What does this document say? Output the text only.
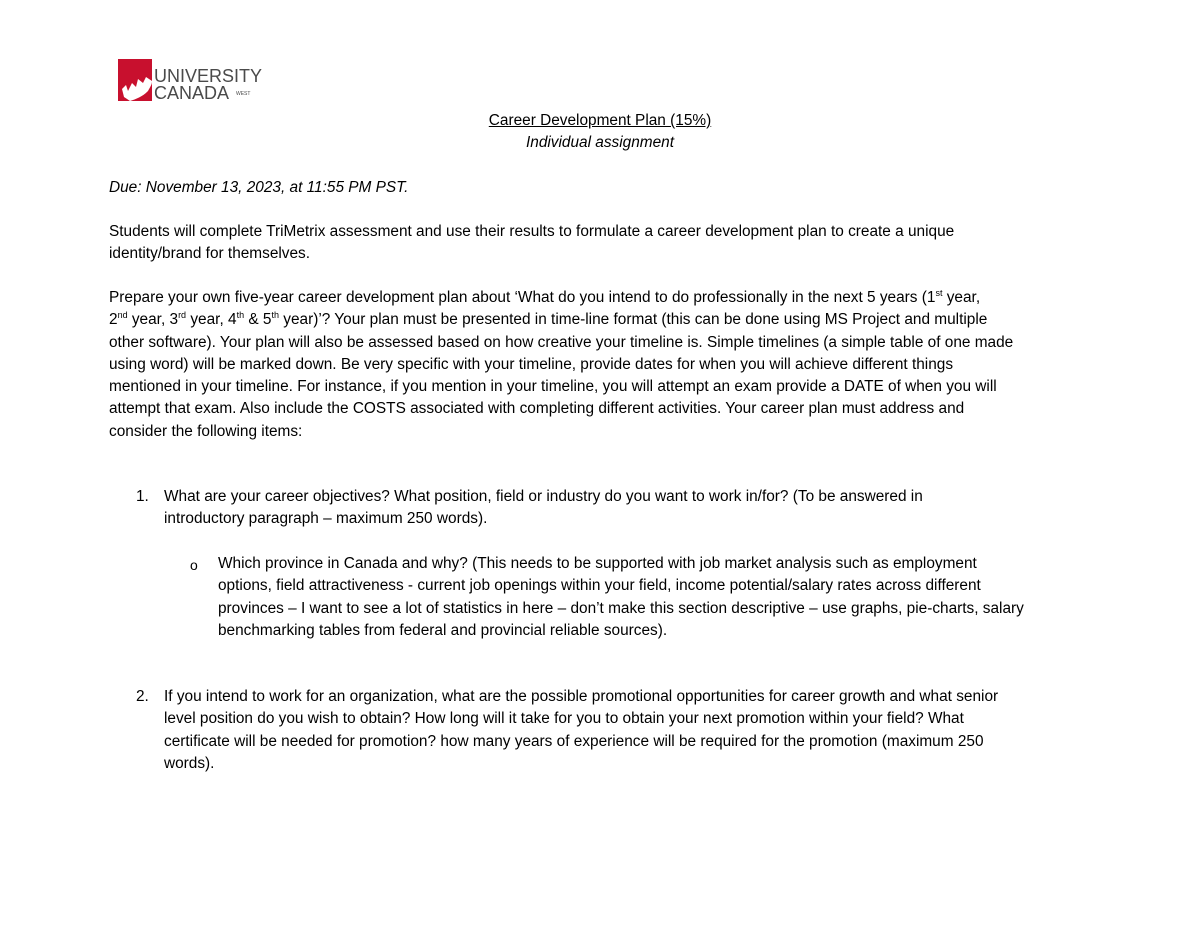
UNIVERSITY
CANADA WEST
Career Development Plan (15%)
Individual assignment
Due: November 13, 2023, at 11:55 PM PST.
Students will complete TriMetrix assessment and use their results to formulate a career development plan to create a unique
identity/brand for themselves.
Prepare your own five-year career development plan about ‘What do you intend to do professionally in the next 5 years (1st year,
2nd year, 3rd year, 4th & 5th year)’? Your plan must be presented in time-line format (this can be done using MS Project and multiple
other software). Your plan will also be assessed based on how creative your timeline is. Simple timelines (a simple table of one made
using word) will be marked down. Be very specific with your timeline, provide dates for when you will achieve different things
mentioned in your timeline. For instance, if you mention in your timeline, you will attempt an exam provide a DATE of when you will
attempt that exam. Also include the COSTS associated with completing different activities. Your career plan must address and
consider the following items:
1. What are your career objectives? What position, field or industry do you want to work in/for? (To be answered in
introductory paragraph – maximum 250 words).
o Which province in Canada and why? (This needs to be supported with job market analysis such as employment
options, field attractiveness - current job openings within your field, income potential/salary rates across different
provinces – I want to see a lot of statistics in here – don’t make this section descriptive – use graphs, pie-charts, salary
benchmarking tables from federal and provincial reliable sources).
2. If you intend to work for an organization, what are the possible promotional opportunities for career growth and what senior
level position do you wish to obtain? How long will it take for you to obtain your next promotion within your field? What
certificate will be needed for promotion? how many years of experience will be required for the promotion (maximum 250
words).
